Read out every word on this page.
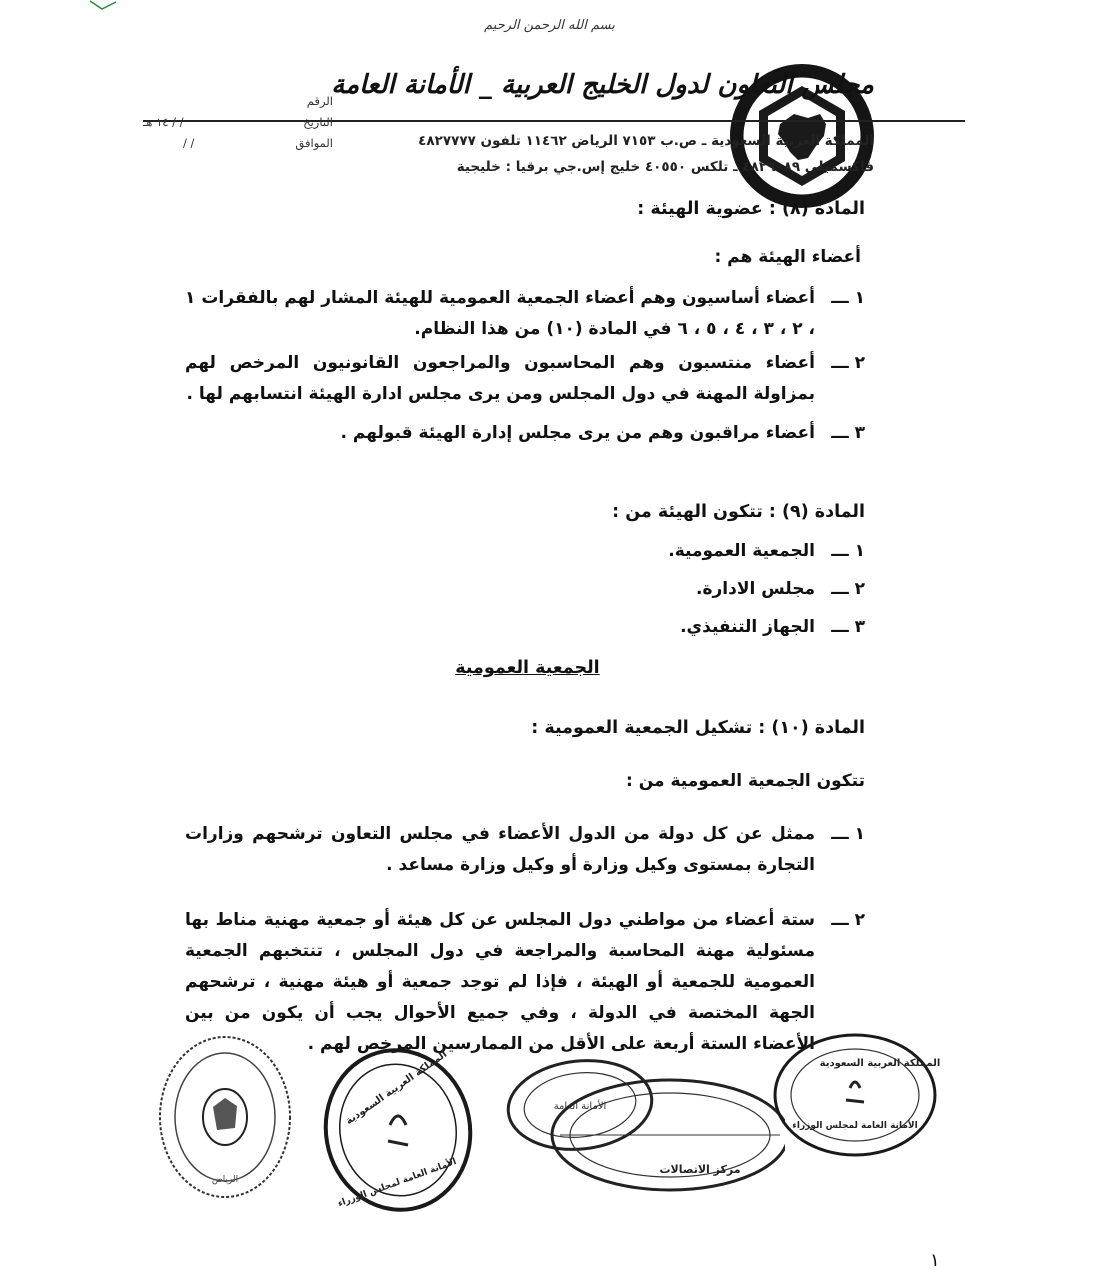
بسم الله الرحمن الرحيم
مجلس التعاون لدول الخليج العربية _ الأمانة العامة
المملكة العربية السعودية ـ ص.ب ٧١٥٣ الرياض ١١٤٦٢ تلفون ٤٨٢٧٧٧٧
فاكسميلي ٤٨٢٩٠٨٩ ـ تلكس ٤٠٥٥٠ خليج إس.جي برقيا : خليجية
الرقم
التاريخ
/ / ١٤ هـ
الموافق
/ /
المادة (٨) : عضوية الهيئة :
أعضاء الهيئة هم :
١ ـــ
أعضاء أساسيون وهم أعضاء الجمعية العمومية للهيئة المشار لهم بالفقرات ١ ، ٢ ، ٣ ، ٤ ، ٥ ، ٦ في المادة (١٠) من هذا النظام.
٢ ـــ
أعضاء منتسبون وهم المحاسبون والمراجعون القانونيون المرخص لهم بمزاولة المهنة في دول المجلس ومن يرى مجلس ادارة الهيئة انتسابهم لها .
٣ ـــ
أعضاء مراقبون وهم من يرى مجلس إدارة الهيئة قبولهم .
المادة (٩) : تتكون الهيئة من :
١ ـــ
الجمعية العمومية.
٢ ـــ
مجلس الادارة.
٣ ـــ
الجهاز التنفيذي.
الجمعية العمومية
المادة (١٠) : تشكيل الجمعية العمومية :
تتكون الجمعية العمومية من :
١ ـــ
ممثل عن كل دولة من الدول الأعضاء في مجلس التعاون ترشحهم وزارات التجارة بمستوى وكيل وزارة أو وكيل وزارة مساعد .
٢ ـــ
ستة أعضاء من مواطني دول المجلس عن كل هيئة أو جمعية مهنية مناط بها مسئولية مهنة المحاسبة والمراجعة في دول المجلس ، تنتخبهم الجمعية العمومية للجمعية أو الهيئة ، فإذا لم توجد جمعية أو هيئة مهنية ، ترشحهم الجهة المختصة في الدولة ، وفي جميع الأحوال يجب أن يكون من بين الأعضاء الستة أربعة على الأقل من الممارسين المرخص لهم .
الرياض
المملكة العربية السعودية
الأمانة العامة لمجلس الوزراء
الأمانة العامة
مركز الاتصالات
المملكة العربية السعودية
الأمانة العامة لمجلس الوزراء
١
